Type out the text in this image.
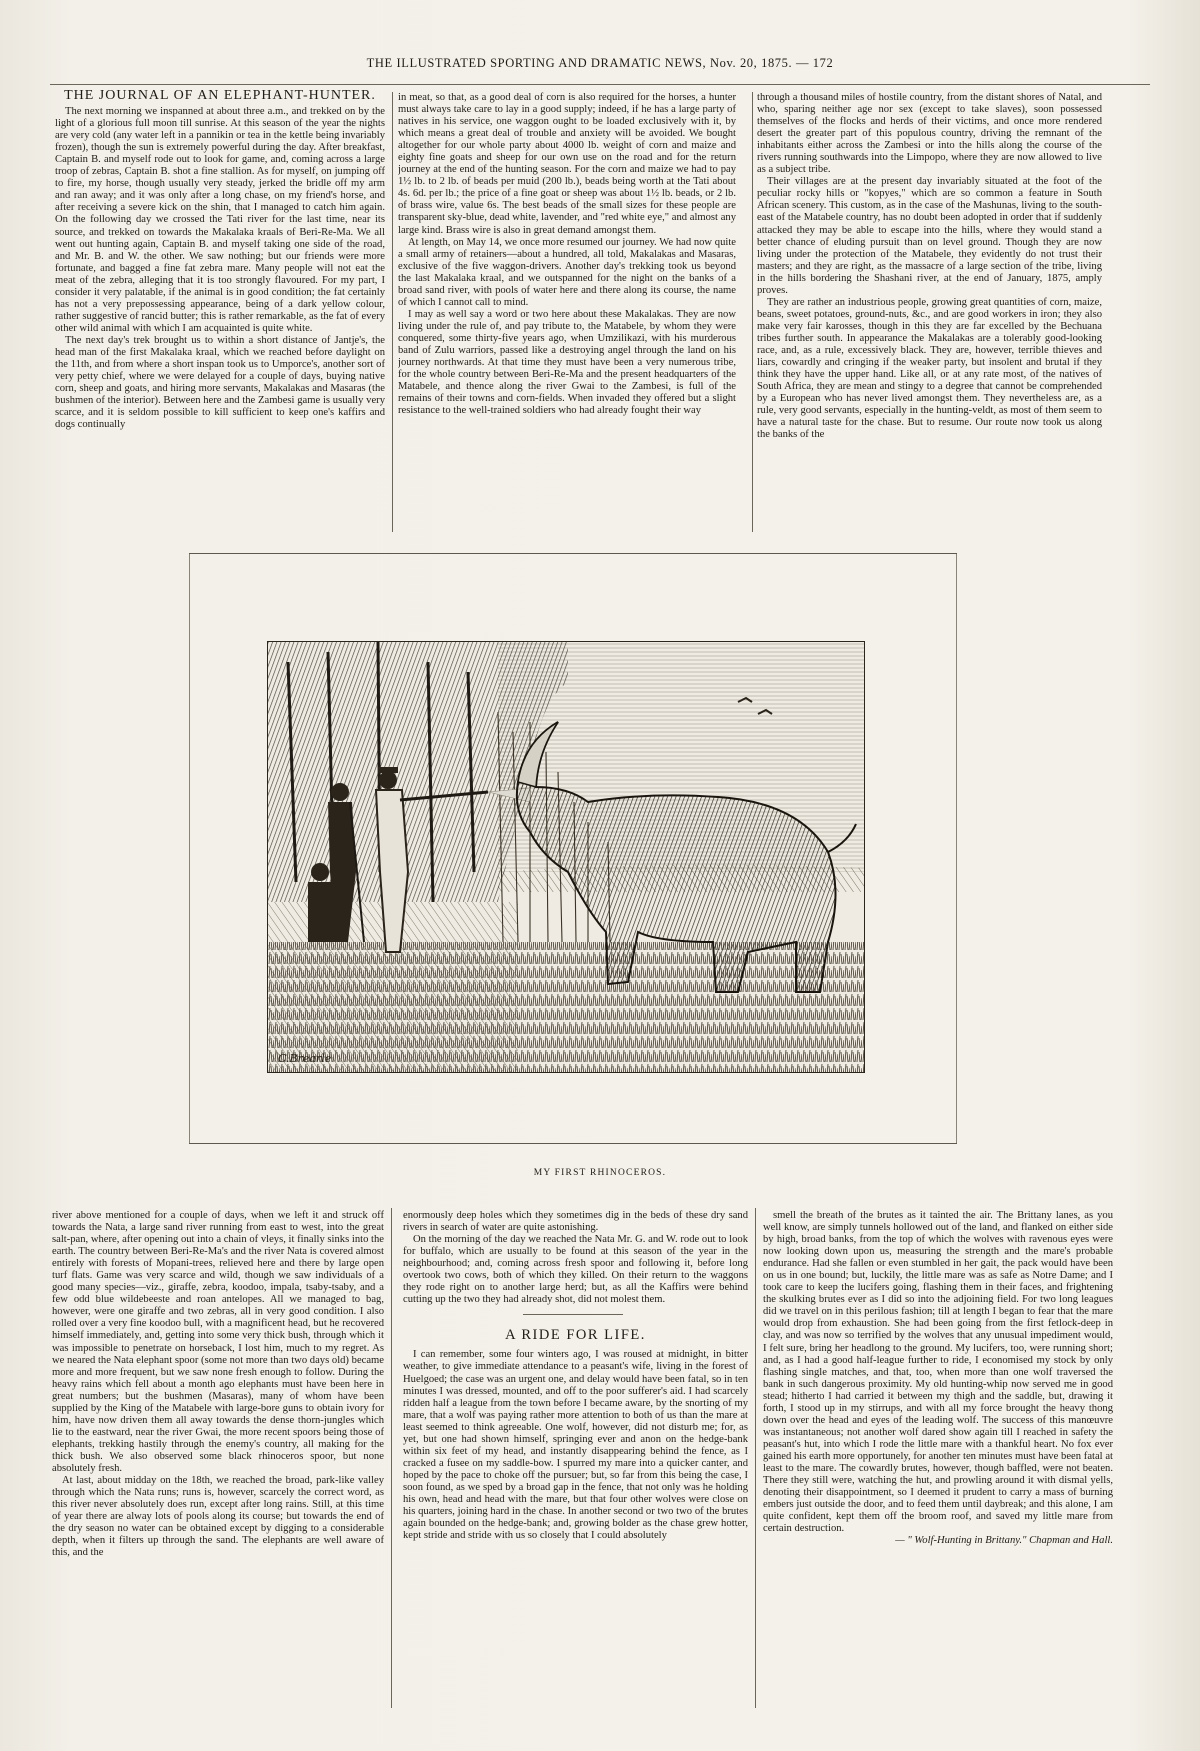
THE ILLUSTRATED SPORTING AND DRAMATIC NEWS, Nov. 20, 1875. — 172
THE JOURNAL OF AN ELEPHANT-HUNTER.

The next morning we inspanned at about three a.m., and trekked on by the light of a glorious full moon till sunrise. At this season of the year the nights are very cold (any water left in a pannikin or tea in the kettle being invariably frozen), though the sun is extremely powerful during the day. After breakfast, Captain B. and myself rode out to look for game, and, coming across a large troop of zebras, Captain B. shot a fine stallion. As for myself, on jumping off to fire, my horse, though usually very steady, jerked the bridle off my arm and ran away; and it was only after a long chase, on my friend's horse, and after receiving a severe kick on the shin, that I managed to catch him again. On the following day we crossed the Tati river for the last time, near its source, and trekked on towards the Makalaka kraals of Beri-Re-Ma. We all went out hunting again, Captain B. and myself taking one side of the road, and Mr. B. and W. the other. We saw nothing; but our friends were more fortunate, and bagged a fine fat zebra mare. Many people will not eat the meat of the zebra, alleging that it is too strongly flavoured. For my part, I consider it very palatable, if the animal is in good condition; the fat certainly has not a very prepossessing appearance, being of a dark yellow colour, rather suggestive of rancid butter; this is rather remarkable, as the fat of every other wild animal with which I am acquainted is quite white.

The next day's trek brought us to within a short distance of Jantje's, the head man of the first Makalaka kraal, which we reached before daylight on the 11th, and from where a short inspan took us to Umporce's, another sort of very petty chief, where we were delayed for a couple of days, buying native corn, sheep and goats, and hiring more servants, Makalakas and Masaras (the bushmen of the interior). Between here and the Zambesi game is usually very scarce, and it is seldom possible to kill sufficient to keep one's kaffirs and dogs continually

in meat, so that, as a good deal of corn is also required for the horses, a hunter must always take care to lay in a good supply; indeed, if he has a large party of natives in his service, one waggon ought to be loaded exclusively with it, by which means a great deal of trouble and anxiety will be avoided. We bought altogether for our whole party about 4000 lb. weight of corn and maize and eighty fine goats and sheep for our own use on the road and for the return journey at the end of the hunting season. For the corn and maize we had to pay 1½ lb. to 2 lb. of beads per muid (200 lb.), beads being worth at the Tati about 4s. 6d. per lb.; the price of a fine goat or sheep was about 1½ lb. beads, or 2 lb. of brass wire, value 6s. The best beads of the small sizes for these people are transparent sky-blue, dead white, lavender, and "red white eye," and almost any large kind. Brass wire is also in great demand amongst them.

At length, on May 14, we once more resumed our journey. We had now quite a small army of retainers—about a hundred, all told, Makalakas and Masaras, exclusive of the five waggon-drivers. Another day's trekking took us beyond the last Makalaka kraal, and we outspanned for the night on the banks of a broad sand river, with pools of water here and there along its course, the name of which I cannot call to mind.

I may as well say a word or two here about these Makalakas. They are now living under the rule of, and pay tribute to, the Matabele, by whom they were conquered, some thirty-five years ago, when Umzilikazi, with his murderous band of Zulu warriors, passed like a destroying angel through the land on his journey northwards. At that time they must have been a very numerous tribe, for the whole country between Beri-Re-Ma and the present headquarters of the Matabele, and thence along the river Gwai to the Zambesi, is full of the remains of their towns and corn-fields. When invaded they offered but a slight resistance to the well-trained soldiers who had already fought their way

through a thousand miles of hostile country, from the distant shores of Natal, and who, sparing neither age nor sex (except to take slaves), soon possessed themselves of the flocks and herds of their victims, and once more rendered desert the greater part of this populous country, driving the remnant of the inhabitants either across the Zambesi or into the hills along the course of the rivers running southwards into the Limpopo, where they are now allowed to live as a subject tribe.

Their villages are at the present day invariably situated at the foot of the peculiar rocky hills or "kopyes," which are so common a feature in South African scenery. This custom, as in the case of the Mashunas, living to the south-east of the Matabele country, has no doubt been adopted in order that if suddenly attacked they may be able to escape into the hills, where they would stand a better chance of eluding pursuit than on level ground. Though they are now living under the protection of the Matabele, they evidently do not trust their masters; and they are right, as the massacre of a large section of the tribe, living in the hills bordering the Shashani river, at the end of January, 1875, amply proves.

They are rather an industrious people, growing great quantities of corn, maize, beans, sweet potatoes, ground-nuts, &c., and are good workers in iron; they also make very fair karosses, though in this they are far excelled by the Bechuana tribes further south. In appearance the Makalakas are a tolerably good-looking race, and, as a rule, excessively black. They are, however, terrible thieves and liars, cowardly and cringing if the weaker party, but insolent and brutal if they think they have the upper hand. Like all, or at any rate most, of the natives of South Africa, they are mean and stingy to a degree that cannot be comprehended by a European who has never lived amongst them. They nevertheless are, as a rule, very good servants, especially in the hunting-veldt, as most of them seem to have a natural taste for the chase. But to resume. Our route now took us along the banks of the

C.Brearle
MY FIRST RHINOCEROS.

river above mentioned for a couple of days, when we left it and struck off towards the Nata, a large sand river running from east to west, into the great salt-pan, where, after opening out into a chain of vleys, it finally sinks into the earth. The country between Beri-Re-Ma's and the river Nata is covered almost entirely with forests of Mopani-trees, relieved here and there by large open turf flats. Game was very scarce and wild, though we saw individuals of a good many species—viz., giraffe, zebra, koodoo, impala, tsaby-tsaby, and a few odd blue wildebeeste and roan antelopes. All we managed to bag, however, were one giraffe and two zebras, all in very good condition. I also rolled over a very fine koodoo bull, with a magnificent head, but he recovered himself immediately, and, getting into some very thick bush, through which it was impossible to penetrate on horseback, I lost him, much to my regret. As we neared the Nata elephant spoor (some not more than two days old) became more and more frequent, but we saw none fresh enough to follow. During the heavy rains which fell about a month ago elephants must have been here in great numbers; but the bushmen (Masaras), many of whom have been supplied by the King of the Matabele with large-bore guns to obtain ivory for him, have now driven them all away towards the dense thorn-jungles which lie to the eastward, near the river Gwai, the more recent spoors being those of elephants, trekking hastily through the enemy's country, all making for the thick bush. We also observed some black rhinoceros spoor, but none absolutely fresh.

At last, about midday on the 18th, we reached the broad, park-like valley through which the Nata runs; runs is, however, scarcely the correct word, as this river never absolutely does run, except after long rains. Still, at this time of year there are alway lots of pools along its course; but towards the end of the dry season no water can be obtained except by digging to a considerable depth, when it filters up through the sand. The elephants are well aware of this, and the

enormously deep holes which they sometimes dig in the beds of these dry sand rivers in search of water are quite astonishing.

On the morning of the day we reached the Nata Mr. G. and W. rode out to look for buffalo, which are usually to be found at this season of the year in the neighbourhood; and, coming across fresh spoor and following it, before long overtook two cows, both of which they killed. On their return to the waggons they rode right on to another large herd; but, as all the Kaffirs were behind cutting up the two they had already shot, did not molest them.

A RIDE FOR LIFE.

I can remember, some four winters ago, I was roused at midnight, in bitter weather, to give immediate attendance to a peasant's wife, living in the forest of Huelgoed; the case was an urgent one, and delay would have been fatal, so in ten minutes I was dressed, mounted, and off to the poor sufferer's aid. I had scarcely ridden half a league from the town before I became aware, by the snorting of my mare, that a wolf was paying rather more attention to both of us than the mare at least seemed to think agreeable. One wolf, however, did not disturb me; for, as yet, but one had shown himself, springing ever and anon on the hedge-bank within six feet of my head, and instantly disappearing behind the fence, as I cracked a fusee on my saddle-bow. I spurred my mare into a quicker canter, and hoped by the pace to choke off the pursuer; but, so far from this being the case, I soon found, as we sped by a broad gap in the fence, that not only was he holding his own, head and head with the mare, but that four other wolves were close on his quarters, joining hard in the chase. In another second or two two of the brutes again bounded on the hedge-bank; and, growing bolder as the chase grew hotter, kept stride and stride with us so closely that I could absolutely

smell the breath of the brutes as it tainted the air. The Brittany lanes, as you well know, are simply tunnels hollowed out of the land, and flanked on either side by high, broad banks, from the top of which the wolves with ravenous eyes were now looking down upon us, measuring the strength and the mare's probable endurance. Had she fallen or even stumbled in her gait, the pack would have been on us in one bound; but, luckily, the little mare was as safe as Notre Dame; and I took care to keep the lucifers going, flashing them in their faces, and frightening the skulking brutes ever as I did so into the adjoining field. For two long leagues did we travel on in this perilous fashion; till at length I began to fear that the mare would drop from exhaustion. She had been going from the first fetlock-deep in clay, and was now so terrified by the wolves that any unusual impediment would, I felt sure, bring her headlong to the ground. My lucifers, too, were running short; and, as I had a good half-league further to ride, I economised my stock by only flashing single matches, and that, too, when more than one wolf traversed the bank in such dangerous proximity. My old hunting-whip now served me in good stead; hitherto I had carried it between my thigh and the saddle, but, drawing it forth, I stood up in my stirrups, and with all my force brought the heavy thong down over the head and eyes of the leading wolf. The success of this manœuvre was instantaneous; not another wolf dared show again till I reached in safety the peasant's hut, into which I rode the little mare with a thankful heart. No fox ever gained his earth more opportunely, for another ten minutes must have been fatal at least to the mare. The cowardly brutes, however, though baffled, were not beaten. There they still were, watching the hut, and prowling around it with dismal yells, denoting their disappointment, so I deemed it prudent to carry a mass of burning embers just outside the door, and to feed them until daybreak; and this alone, I am quite confident, kept them off the broom roof, and saved my little mare from certain destruction.

— " Wolf-Hunting in Brittany." Chapman and Hall.
